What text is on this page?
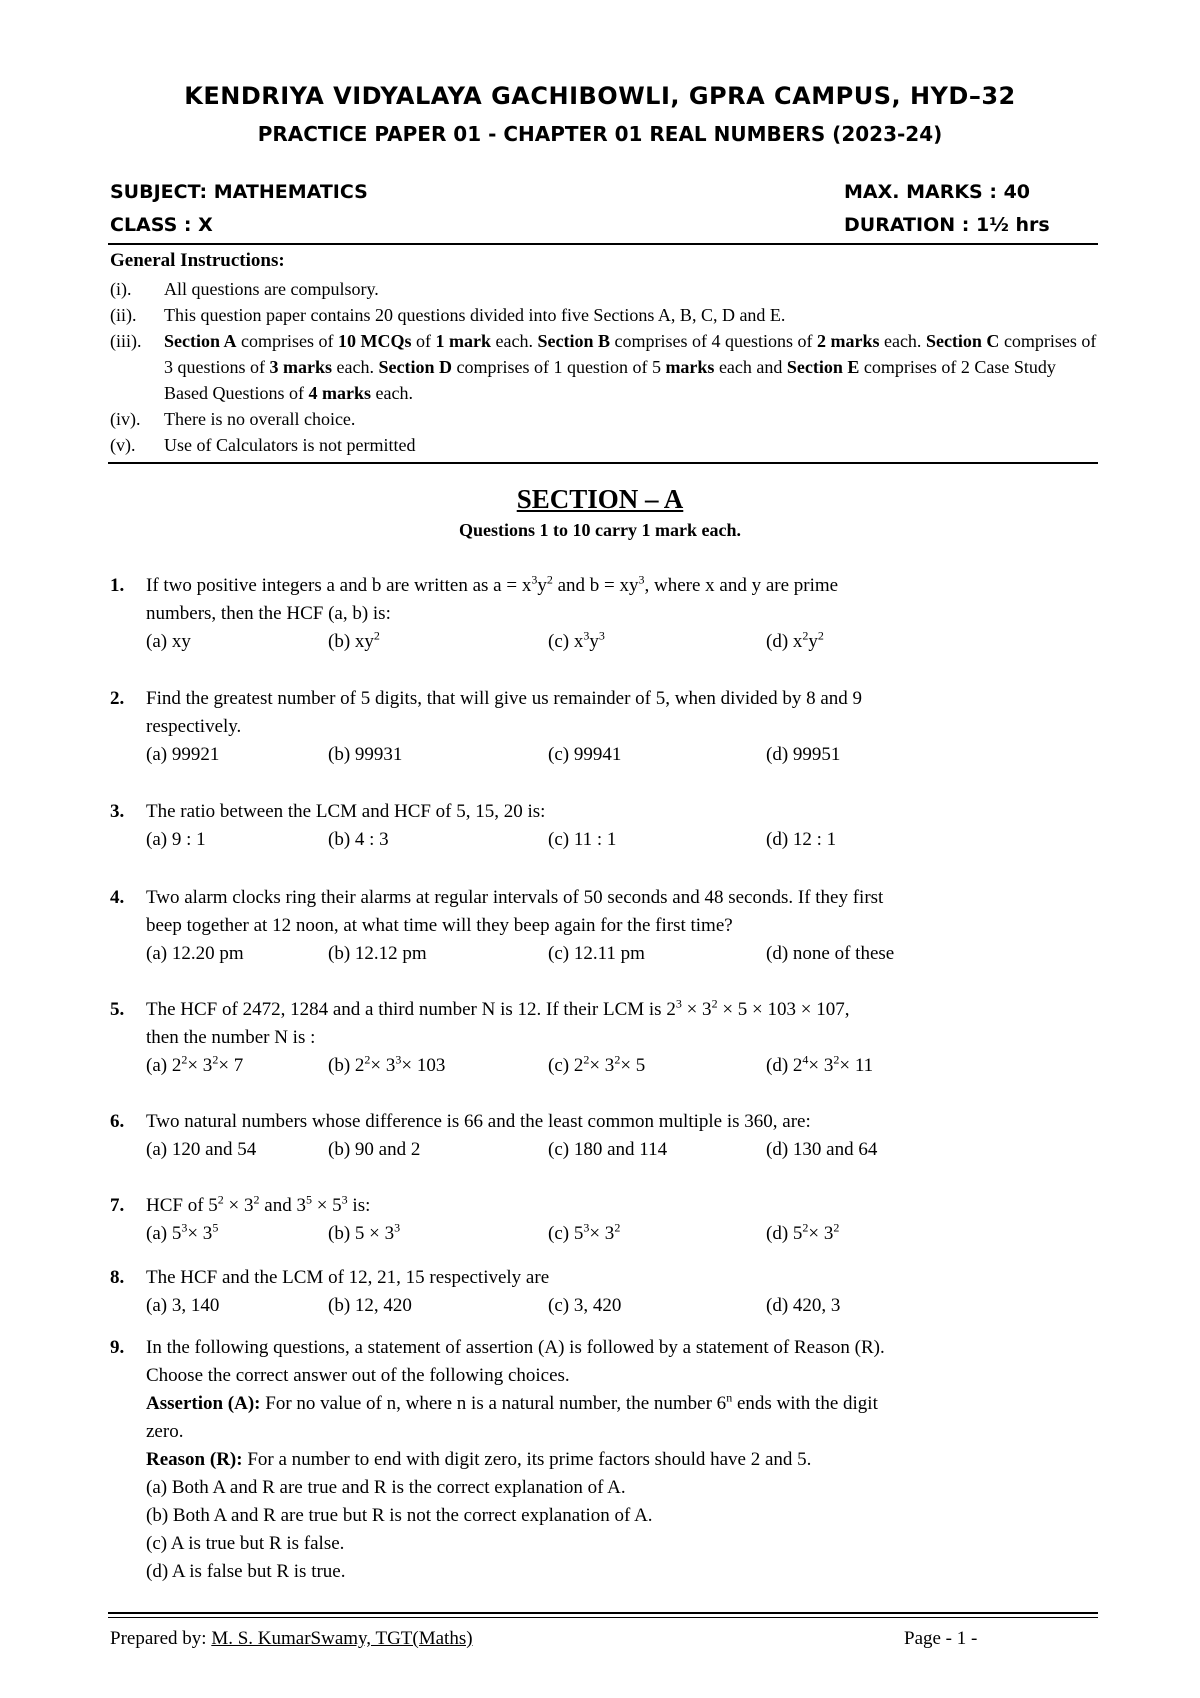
KENDRIYA VIDYALAYA GACHIBOWLI, GPRA CAMPUS, HYD–32
PRACTICE PAPER 01 - CHAPTER 01 REAL NUMBERS (2023-24)
SUBJECT: MATHEMATICS	MAX. MARKS : 40
CLASS : X	DURATION : 1½ hrs
General Instructions:
(i).	All questions are compulsory.
(ii).	This question paper contains 20 questions divided into five Sections A, B, C, D and E.
(iii).	Section A comprises of 10 MCQs of 1 mark each. Section B comprises of 4 questions of 2 marks each. Section C comprises of 3 questions of 3 marks each. Section D comprises of 1 question of 5 marks each and Section E comprises of 2 Case Study Based Questions of 4 marks each.
(iv).	There is no overall choice.
(v).	Use of Calculators is not permitted
SECTION – A
Questions 1 to 10 carry 1 mark each.
1. If two positive integers a and b are written as $a = x^3y^2$ and $b = xy^3$, where x and y are prime
numbers, then the HCF (a, b) is:
(a) xy	(b) $xy^2$	(c) $x^3y^3$	(d) $x^2y^2$
2. Find the greatest number of 5 digits, that will give us remainder of 5, when divided by 8 and 9
respectively.
(a) 99921	(b) 99931	(c) 99941	(d) 99951
3. The ratio between the LCM and HCF of 5, 15, 20 is:
(a) 9 : 1	(b) 4 : 3	(c) 11 : 1	(d) 12 : 1
4. Two alarm clocks ring their alarms at regular intervals of 50 seconds and 48 seconds. If they first
beep together at 12 noon, at what time will they beep again for the first time?
(a) 12.20 pm	(b) 12.12 pm	(c) 12.11 pm	(d) none of these
5. The HCF of 2472, 1284 and a third number N is 12. If their LCM is $2^3 \times 3^2 \times 5 \times 103 \times 107$,
then the number N is :
(a) $2^2\times 3^2\times 7$	(b) $2^2\times 3^3\times 103$	(c) $2^2\times 3^2\times 5$	(d) $2^4\times 3^2\times 11$
6. Two natural numbers whose difference is 66 and the least common multiple is 360, are:
(a) 120 and 54	(b) 90 and 2	(c) 180 and 114	(d) 130 and 64
7. HCF of $5^2 \times 3^2$ and $3^5 \times 5^3$ is:
(a) $5^3\times 3^5$	(b) $5 \times 3^3$	(c) $5^3\times 3^2$	(d) $5^2\times 3^2$
8. The HCF and the LCM of 12, 21, 15 respectively are
(a) 3, 140	(b) 12, 420	(c) 3, 420	(d) 420, 3
9. In the following questions, a statement of assertion (A) is followed by a statement of Reason (R).
Choose the correct answer out of the following choices.
Assertion (A): For no value of n, where n is a natural number, the number 6$^n$ ends with the digit
zero.
Reason (R): For a number to end with digit zero, its prime factors should have 2 and 5.
(a) Both A and R are true and R is the correct explanation of A.
(b) Both A and R are true but R is not the correct explanation of A.
(c) A is true but R is false.
(d) A is false but R is true.
Prepared by: M. S. KumarSwamy, TGT(Maths)	Page - 1 -
